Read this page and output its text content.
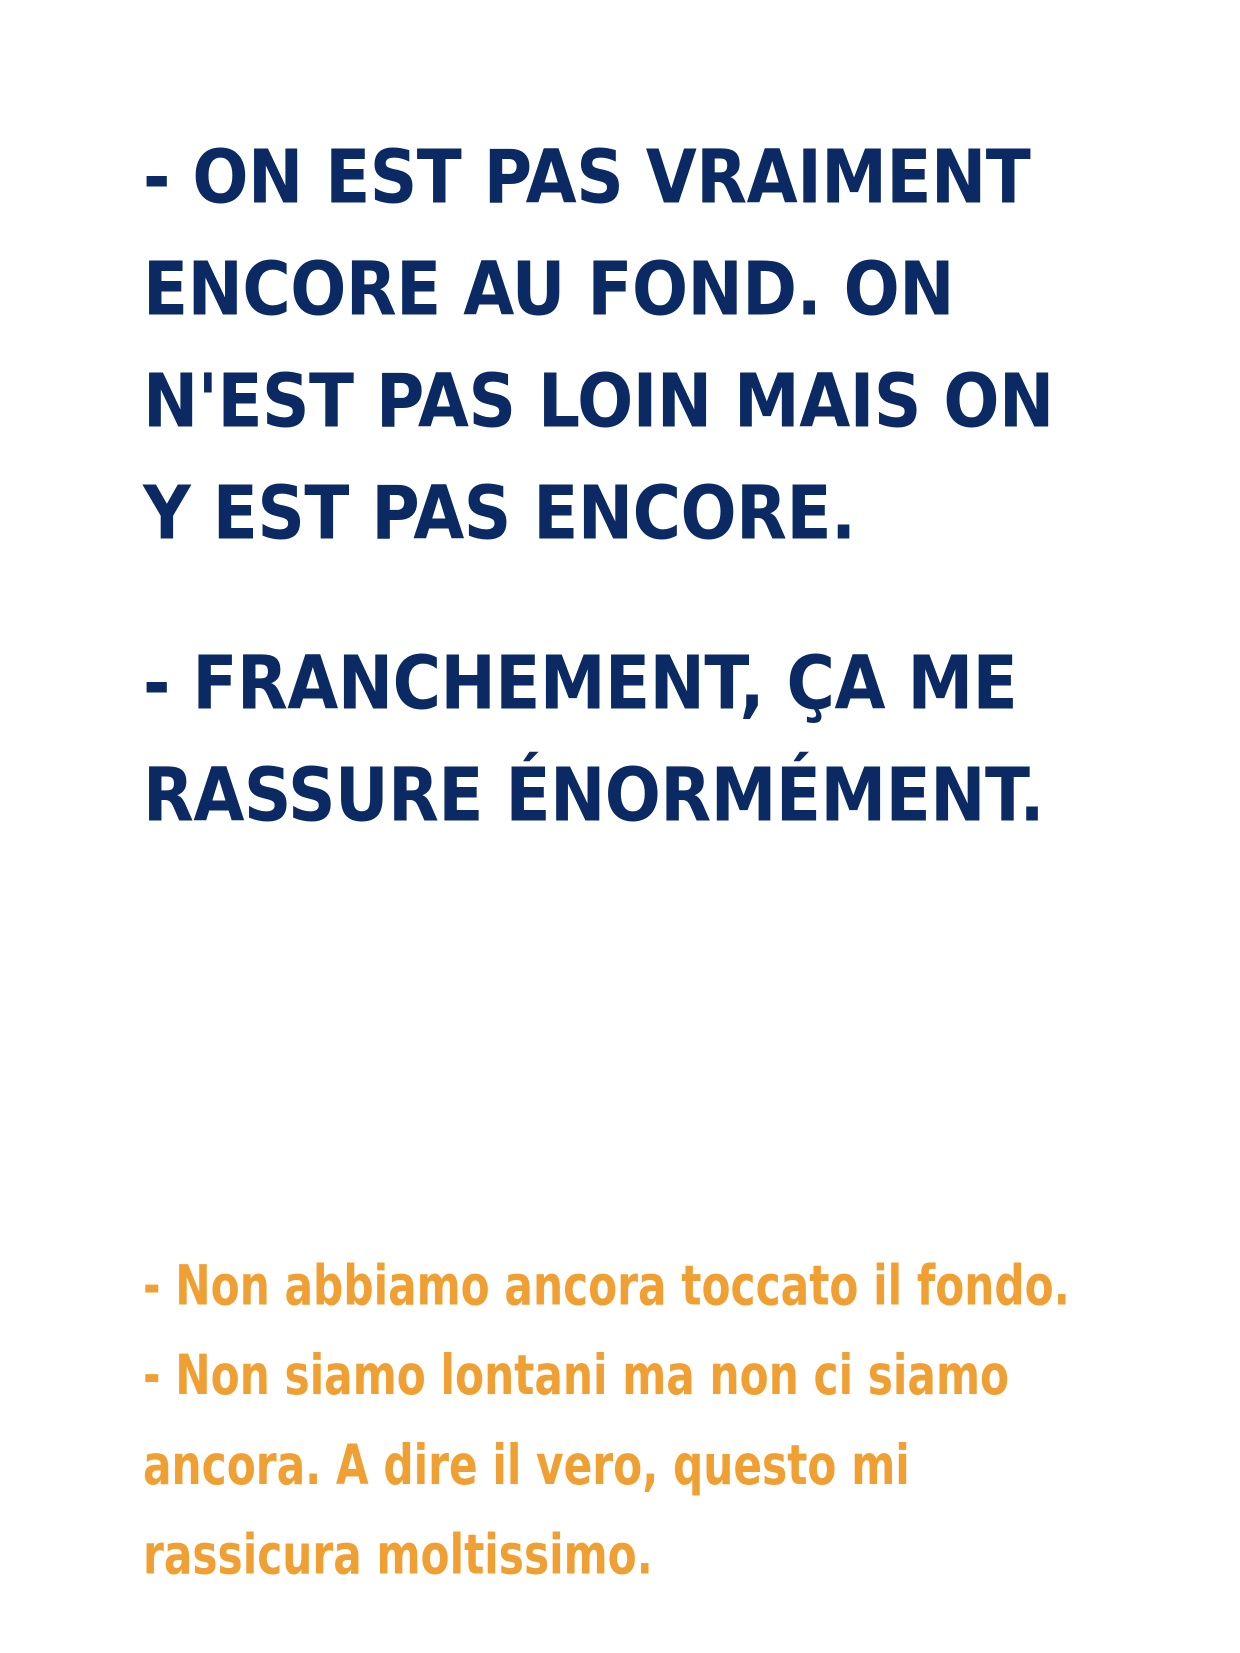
- ON EST PAS VRAIMENT
ENCORE AU FOND. ON
N'EST PAS LOIN MAIS ON
Y EST PAS ENCORE.
- FRANCHEMENT, ÇA ME
RASSURE ÉNORMÉMENT.
- Non abbiamo ancora toccato il fondo.
- Non siamo lontani ma non ci siamo
ancora. A dire il vero, questo mi
rassicura moltissimo.
